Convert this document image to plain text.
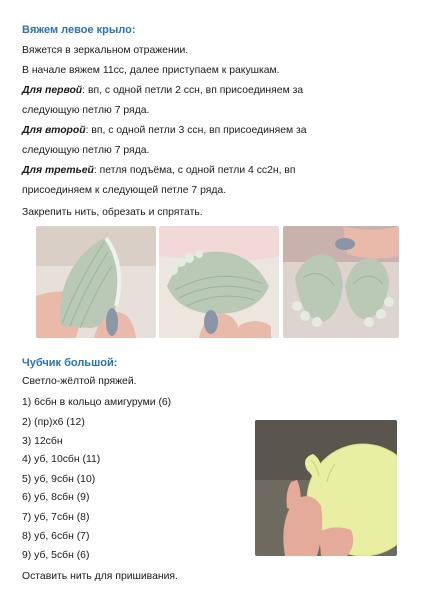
Вяжем левое крыло:
Вяжется в зеркальном отражении.
В начале вяжем 11сс, далее приступаем к ракушкам.
Для первой: вп, с одной петли 2 ссн, вп присоединяем за
следующую петлю 7 ряда.
Для второй: вп, с одной петли 3 ссн, вп присоединяем за
следующую петлю 7 ряда.
Для третьей: петля подъёма, с одной петли 4 сс2н, вп
присоединяем к следующей петле 7 ряда.
Закрепить нить, обрезать и спрятать.
Чубчик большой:
Светло-жёлтой пряжей.
1) 6сбн в кольцо амигуруми (6)
2) (пр)х6 (12)
3) 12сбн
4) уб, 10сбн (11)
5) уб, 9сбн (10)
6) уб, 8сбн (9)
7) уб, 7сбн (8)
8) уб, 6сбн (7)
9) уб, 5сбн (6)
Оставить нить для пришивания.
